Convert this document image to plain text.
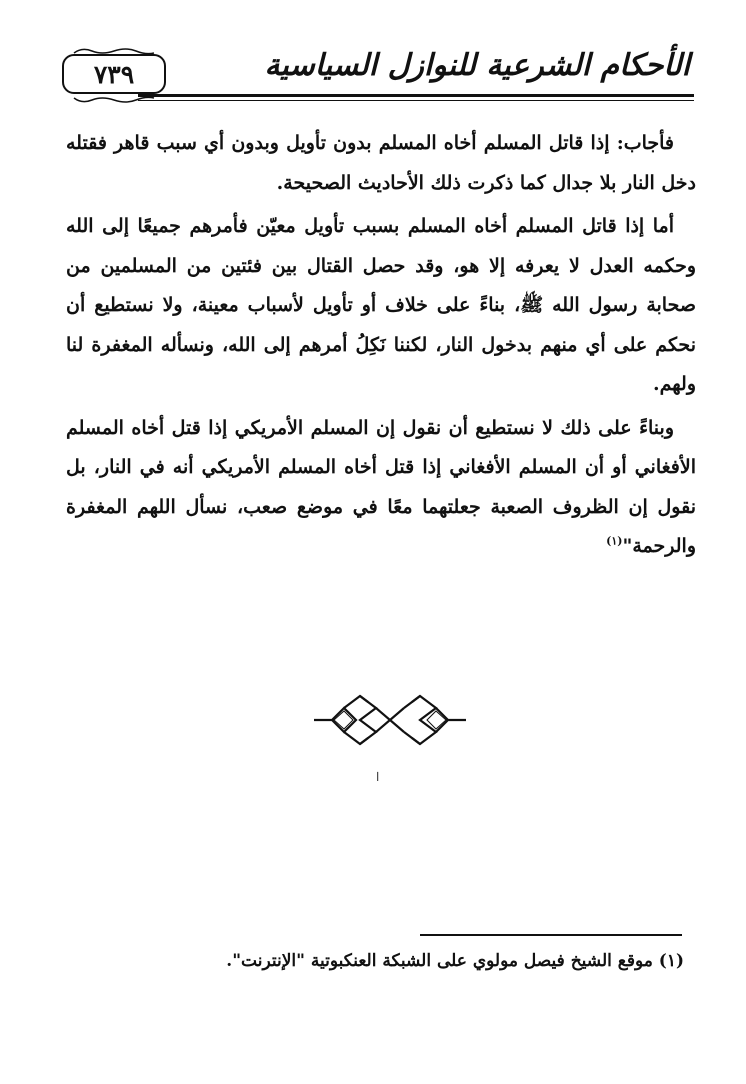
٧٣٩	الأحكام الشرعية للنوازل السياسية

فأجاب: إذا قاتل المسلم أخاه المسلم بدون تأويل وبدون أي سبب قاهر فقتله دخل النار بلا جدال كما ذكرت ذلك الأحاديث الصحيحة.

أما إذا قاتل المسلم أخاه المسلم بسبب تأويل معيّن فأمرهم جميعًا إلى الله وحكمه العدل لا يعرفه إلا هو، وقد حصل القتال بين فئتين من المسلمين من صحابة رسول الله ﷺ، بناءً على خلاف أو تأويل لأسباب معينة، ولا نستطيع أن نحكم على أي منهم بدخول النار، لكننا نَكِلُ أمرهم إلى الله، ونسأله المغفرة لنا ولهم.

وبناءً على ذلك لا نستطيع أن نقول إن المسلم الأمريكي إذا قتل أخاه المسلم الأفغاني أو أن المسلم الأفغاني إذا قتل أخاه المسلم الأمريكي أنه في النار، بل نقول إن الظروف الصعبة جعلتهما معًا في موضع صعب، نسأل اللهم المغفرة والرحمة"$^{(١)}$

ا
(١) موقع الشيخ فيصل مولوي على الشبكة العنكبوتية "الإنترنت".
